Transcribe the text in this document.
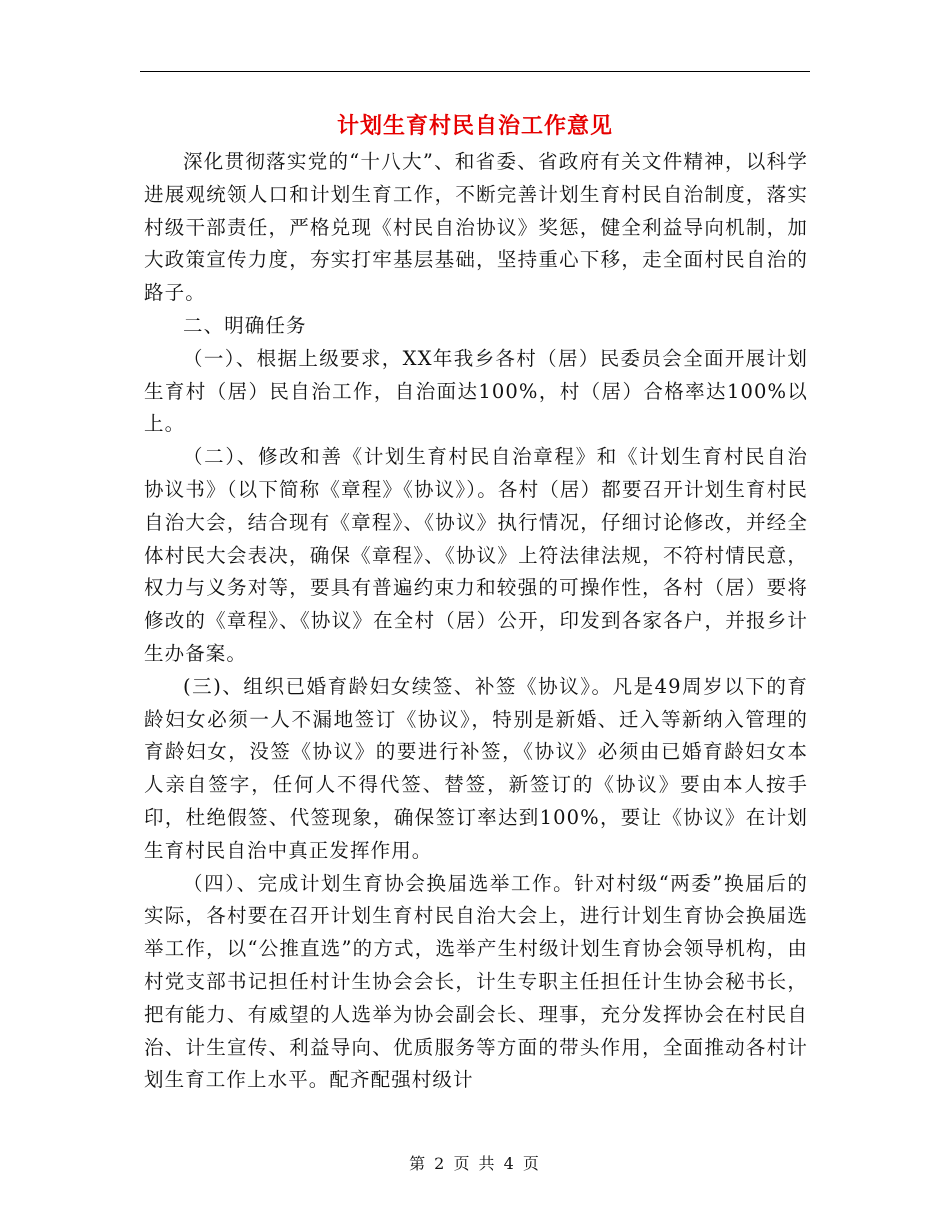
计划生育村民自治工作意见

深化贯彻落实党的“十八大”、和省委、省政府有关文件精神，以科学进展观统领人口和计划生育工作，不断完善计划生育村民自治制度，落实村级干部责任，严格兑现《村民自治协议》奖惩，健全利益导向机制，加大政策宣传力度，夯实打牢基层基础，坚持重心下移，走全面村民自治的路子。

二、明确任务

（一）、根据上级要求，XX年我乡各村（居）民委员会全面开展计划生育村（居）民自治工作，自治面达100%，村（居）合格率达100%以上。

（二）、修改和善《计划生育村民自治章程》和《计划生育村民自治协议书》（以下简称《章程》《协议》）。各村（居）都要召开计划生育村民自治大会，结合现有《章程》、《协议》执行情况，仔细讨论修改，并经全体村民大会表决，确保《章程》、《协议》上符法律法规，不符村情民意，权力与义务对等，要具有普遍约束力和较强的可操作性，各村（居）要将修改的《章程》、《协议》在全村（居）公开，印发到各家各户，并报乡计生办备案。

(三)、组织已婚育龄妇女续签、补签《协议》。凡是49周岁以下的育龄妇女必须一人不漏地签订《协议》，特别是新婚、迁入等新纳入管理的育龄妇女，没签《协议》的要进行补签，《协议》必须由已婚育龄妇女本人亲自签字，任何人不得代签、替签，新签订的《协议》要由本人按手印，杜绝假签、代签现象，确保签订率达到100%，要让《协议》在计划生育村民自治中真正发挥作用。

（四）、完成计划生育协会换届选举工作。针对村级“两委”换届后的实际，各村要在召开计划生育村民自治大会上，进行计划生育协会换届选举工作，以“公推直选”的方式，选举产生村级计划生育协会领导机构，由村党支部书记担任村计生协会会长，计生专职主任担任计生协会秘书长，把有能力、有威望的人选举为协会副会长、理事，充分发挥协会在村民自治、计生宣传、利益导向、优质服务等方面的带头作用，全面推动各村计划生育工作上水平。配齐配强村级计

第 2 页 共 4 页
